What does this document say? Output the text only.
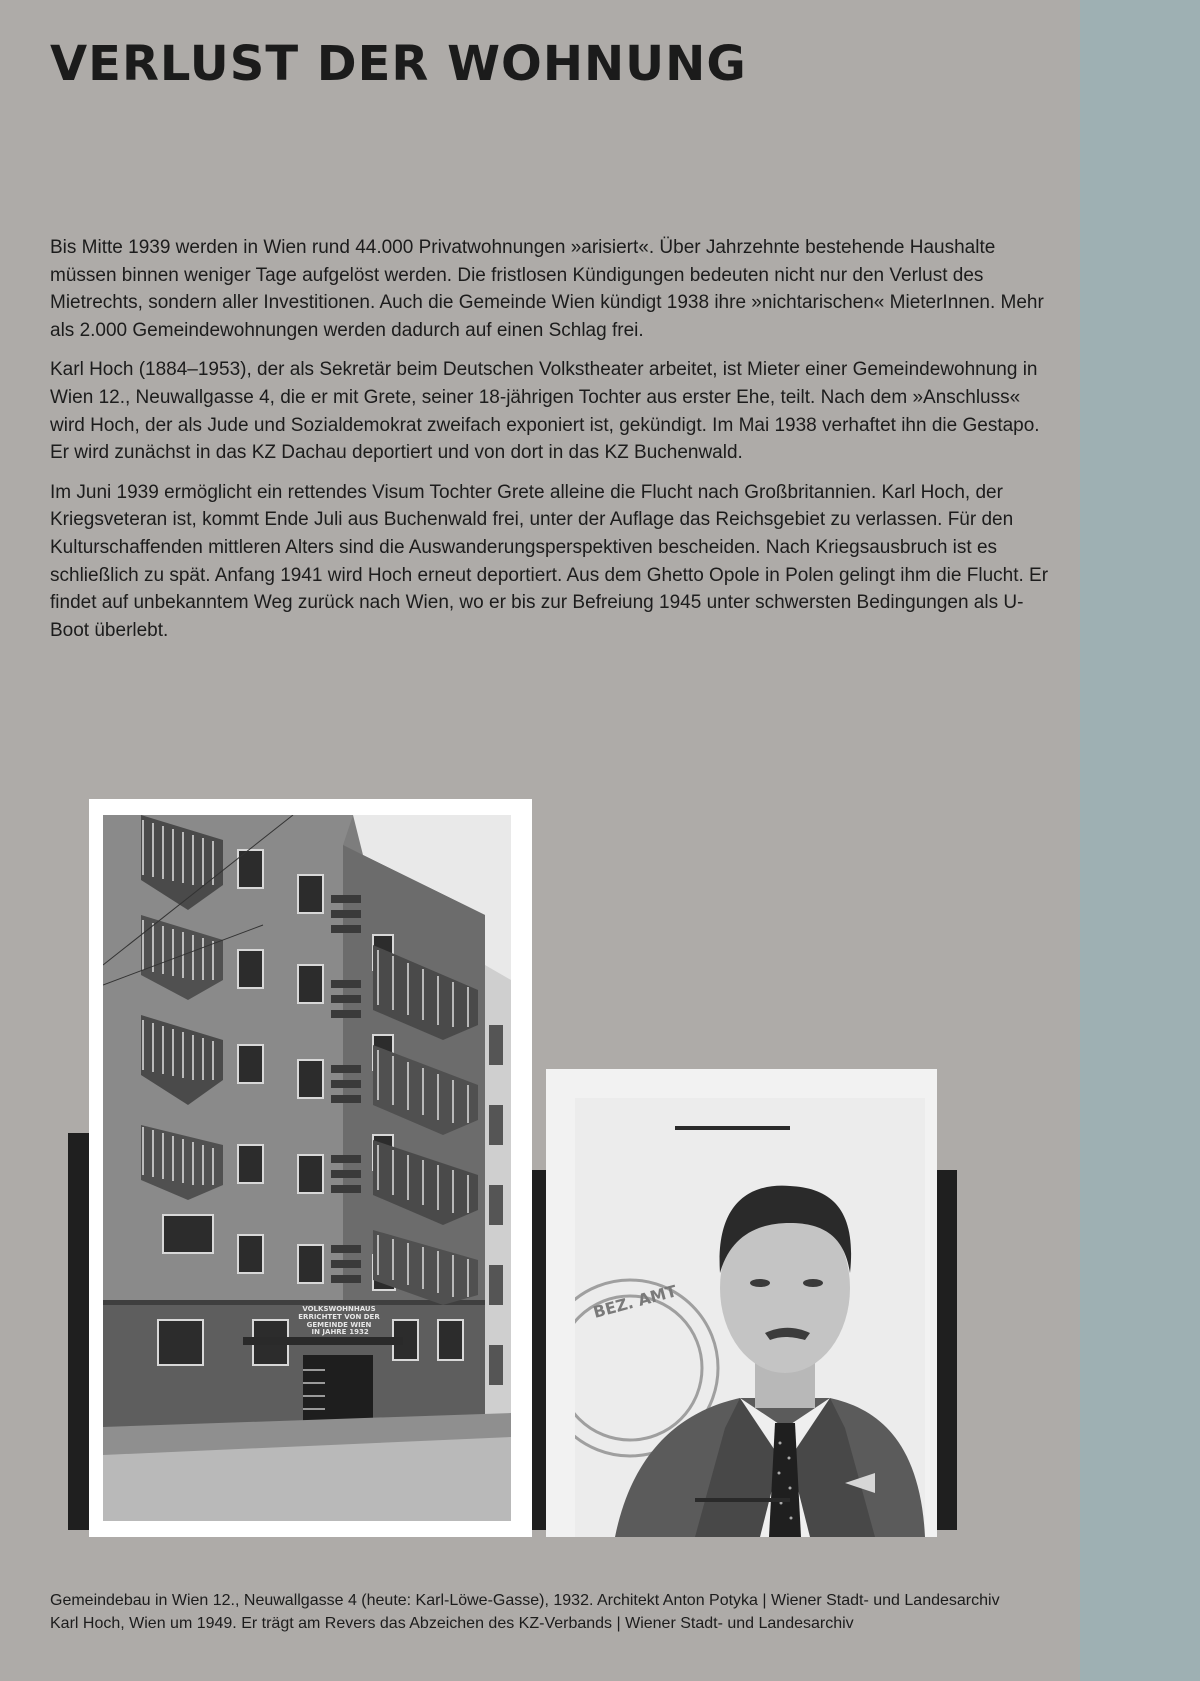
VERLUST DER WOHNUNG

Bis Mitte 1939 werden in Wien rund 44.000 Privatwohnungen »arisiert«. Über Jahrzehnte bestehende Haushalte müssen binnen weniger Tage aufgelöst werden. Die fristlosen Kündigungen bedeuten nicht nur den Verlust des Mietrechts, sondern aller Investitionen. Auch die Gemeinde Wien kündigt 1938 ihre »nichtarischen« MieterInnen. Mehr als 2.000 Gemeindewohnungen werden dadurch auf einen Schlag frei.

Karl Hoch (1884–1953), der als Sekretär beim Deutschen Volkstheater arbeitet, ist Mieter einer Gemeindewohnung in Wien 12., Neuwallgasse 4, die er mit Grete, seiner 18-jährigen Tochter aus erster Ehe, teilt. Nach dem »Anschluss« wird Hoch, der als Jude und Sozialdemokrat zweifach exponiert ist, gekündigt. Im Mai 1938 verhaftet ihn die Gestapo. Er wird zunächst in das KZ Dachau deportiert und von dort in das KZ Buchenwald.

Im Juni 1939 ermöglicht ein rettendes Visum Tochter Grete alleine die Flucht nach Großbritannien. Karl Hoch, der Kriegsveteran ist, kommt Ende Juli aus Buchenwald frei, unter der Auflage das Reichsgebiet zu verlassen. Für den Kulturschaffenden mittleren Alters sind die Auswanderungsperspektiven bescheiden. Nach Kriegsausbruch ist es schließlich zu spät. Anfang 1941 wird Hoch erneut deportiert. Aus dem Ghetto Opole in Polen gelingt ihm die Flucht. Er findet auf unbekanntem Weg zurück nach Wien, wo er bis zur Befreiung 1945 unter schwersten Bedingungen als U-Boot überlebt.

VOLKSWOHNHAUS
ERRICHTET VON DER
GEMEINDE WIEN
IN JAHRE 1932
BEZ. AMT
Gemeindebau in Wien 12., Neuwallgasse 4 (heute: Karl-Löwe-Gasse), 1932. Architekt Anton Potyka | Wiener Stadt- und Landesarchiv
Karl Hoch, Wien um 1949. Er trägt am Revers das Abzeichen des KZ-Verbands | Wiener Stadt- und Landesarchiv
